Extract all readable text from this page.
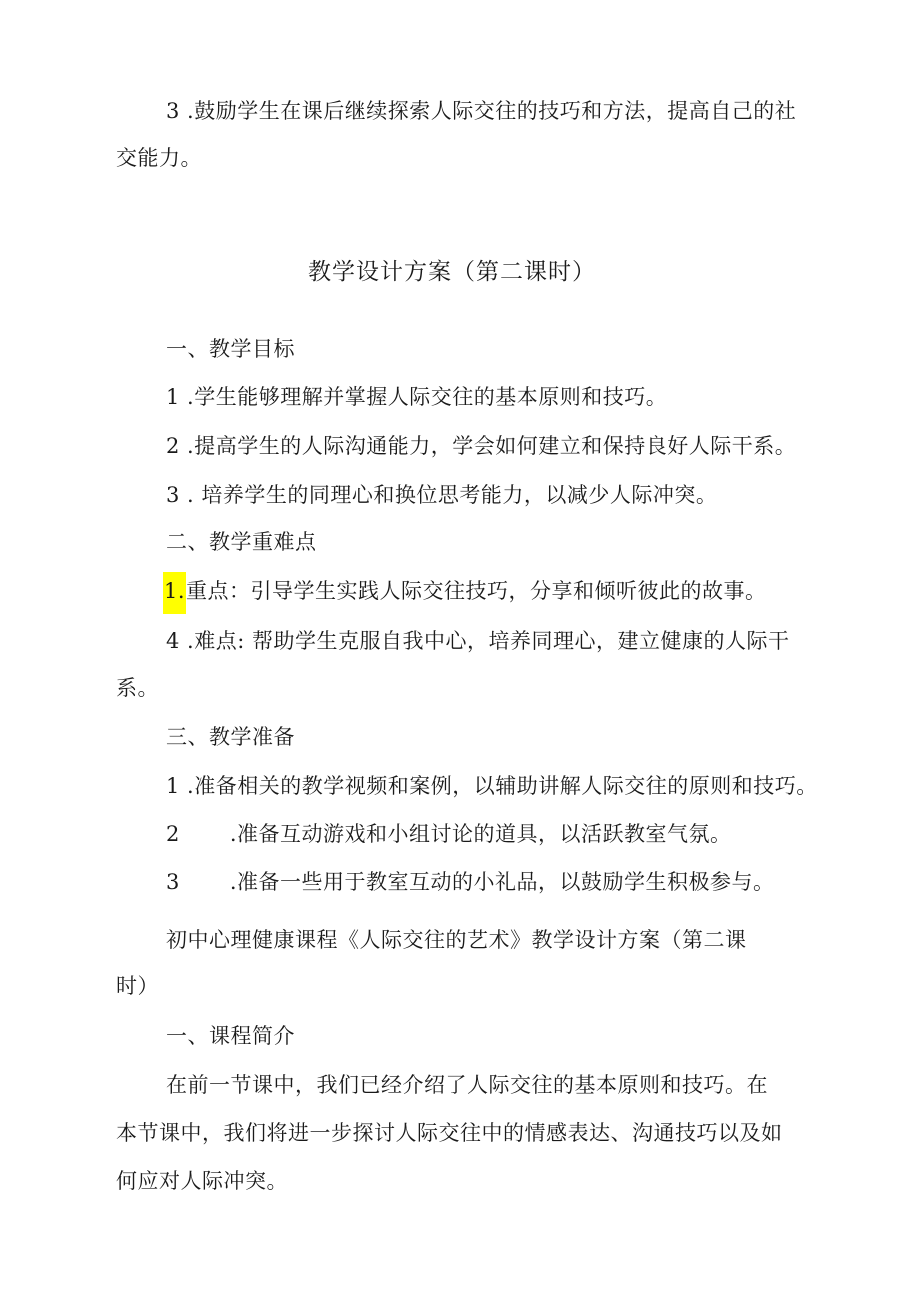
3 .鼓励学生在课后继续探索人际交往的技巧和方法，提高自己的社
交能力。
教学设计方案（第二课时）
一、教学目标
1 .学生能够理解并掌握人际交往的基本原则和技巧。
2 .提高学生的人际沟通能力，学会如何建立和保持良好人际干系。
3 . 培养学生的同理心和换位思考能力，以减少人际冲突。
二、教学重难点
1.重点：引导学生实践人际交往技巧，分享和倾听彼此的故事。
4 .难点: 帮助学生克服自我中心，培养同理心，建立健康的人际干
系。
三、教学准备
1 .准备相关的教学视频和案例，以辅助讲解人际交往的原则和技巧。
2 .准备互动游戏和小组讨论的道具，以活跃教室气氛。
3 .准备一些用于教室互动的小礼品，以鼓励学生积极参与。
初中心理健康课程《人际交往的艺术》教学设计方案（第二课
时）
一、课程简介
在前一节课中，我们已经介绍了人际交往的基本原则和技巧。在
本节课中，我们将进一步探讨人际交往中的情感表达、沟通技巧以及如
何应对人际冲突。
